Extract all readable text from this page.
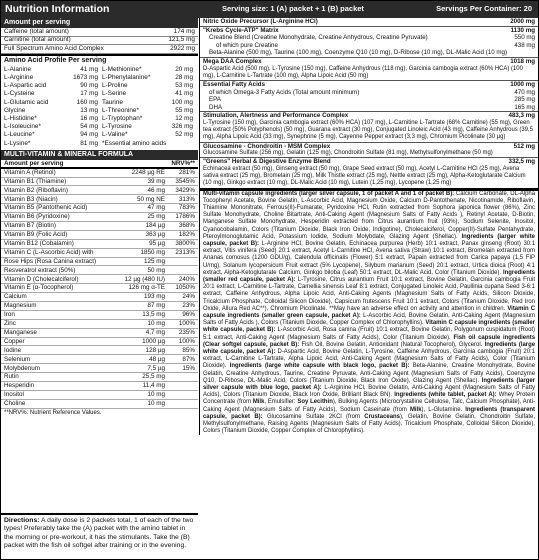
Nutrition Information	Serving size: 1 (A) packet + 1 (B) packet	Servings Per Container: 20
Amount per serving
Caffeine (total amount)	174 mg
Carnitine (total amount)	121,5 mg
Full Spectrum Amino Acid Complex	2922 mg
Amino Acid Profile Per serving
L-Alanine	41 mg L-Methionine*	20 mg
L-Arginine	1673 mg L-Phenylalanine*	28 mg
L-Aspartic acid	90 mg L-Proline	53 mg
L-Cysteine	17 mg L-Serine	41 mg
L-Glutamic acid	160 mg Taurine	100 mg
Glycine	13 mg L-Threonine*	55 mg
L-Histidine*	16 mg L-Tryptophan*	12 mg
L-Isoleucine*	54 mg L-Tyrosine	326 mg
L-Leucine*	94 mg L-Valine*	52 mg
L-Lysine*	81 mg *Essential amino acids
MULTI-VITAMIN & MINERAL FORMULA
Amount per serving	NRV%**
Vitamin A (Retinol)	2248 µg RE	281%
Vitamin B1 (Thiamine)	39 mg	3545%
Vitamin B2 (Riboflavin)	46 mg	3429%
Vitamin B3 (Niacin)	50 mg NE	313%
Vitamin B5 (Pantothenic Acid)	47 mg	783%
Vitamin B6 (Pyridoxine)	25 mg	1786%
Vitamin B7 (Biotin)	184 µg	368%
Vitamin B9 (Folic Acid)	363 µg	182%
Vitamin B12 (Cobalamin)	95 µg	3800%
Vitamin C (L-Ascorbic Acid) with	1850 mg	2313%
Rose Hips (Rosa Canina extract)	125 mg
Resveratrol extract (50%)	50 mg
Vitamin D (Cholecalciferol)	12 µg (480 IU)	240%
Vitamin E (α-Tocopherol)	126 mg α-TE	1050%
Calcium	193 mg	24%
Magnesium	87 mg	23%
Iron	13,5 mg	96%
Zinc	10 mg	100%
Manganese	4,7 mg	235%
Copper	1000 µg	100%
Iodine	128 µg	85%
Selenium	48 µg	87%
Molybdenum	7,5 µg	15%
Rutin	25,5 mg
Hesperidin	11,4 mg
Inositol	10 mg
Choline	10 mg
**NRV%: Nutrient Reference Values.
Directions: A daily dose is 2 packets total, 1 of each of the two types! Preferably take the (A) packet with the amino tablet in the morning or pre-workout, it has the stimulants. Take the (B) packet with the fish oil softgel after training or in the evening.
Nitric Oxide Precursor (L-Arginine HCl)	2000 mg
"Krebs Cycle-ATP" Matrix	1130 mg
Creatine Blend (Creatine Monohydrate, Creatine Anhydrous, Creatine Pyruvate)	550 mg
of which pure Creatine	438 mg
Beta-Alanine (500 mg), Taurine (100 mg), Coenzyme Q10 (10 mg), D-Ribose (10 mg), DL-Malic Acid (10 mg)
Mega DAA Complex	1018 mg
D-Aspartic Acid (500 mg), L-Tyrosine (150 mg), Caffeine Anhydrous (118 mg), Garcinia cambogia extract (60% HCA) (100 mg), L-Carnitine L-Tartrate (100 mg), Alpha Lipoic Acid (50 mg)
Essential Fatty Acids	1000 mg
of which Omega-3 Fatty Acids (Total amount minimum)	470 mg
EPA	285 mg
DHA	165 mg
Stimulation, Alertness and Performance Complex	483,3 mg
L-Tyrosine (150 mg), Garcinia cambogia extract (60% HCA) (107 mg), L-Carnitine L-Tartrate (68% Carnitine) (55 mg), Green tea extract (50% Polyphenols) (50 mg), Guarana extract (30 mg), Conjugated Linoleic Acid (43 mg), Caffeine Anhydrous (39,5 mg), Alpha Lipoic Acid (33 mg), Synephrine (5 mg), Cayenne Pepper extract (3,3 mg), Chromium Picolinate (30 µg)
Glucosamine - Chondroitin - MSM Complex	512 mg
Glucosamine Sulfate (256 mg), Gelatin (125 mg), Chondroitin Sulfate (81 mg), Methylsulfonylmethane (50 mg)
"Greens" Herbal & Digestive Enzyme Blend	332,5 mg
Echinacea extract (50 mg), Ginseng extract (50 mg), Grape Seed extract (50 mg), Acetyl L-Carnitine HCl (25 mg), Avena sativa extract (25 mg), Bromelain (25 mg), Milk Thistle extract (25 mg), Nettle extract (25 mg), Alpha-Ketoglutarate Calcium (10 mg), Ginkgo extract (10 mg), DL-Malic Acid (10 mg), Lutein (1,25 mg), Lycopene (1,25 mg)
Multi-vitamin capsule ingredients (larger silver capsule, 1 of packet A and 1 of packet B): Calcium Carbonate, DL-Alpha Tocopheryl Acetate, Bovine Gelatin, L-Ascorbic Acid, Magnesium Oxide, Calcium D-Pantothenate, Nicotinamide, Riboflavin, Thiamine Mononitrate, Ferrous(II)-Fumarate, Pyridoxine HCl, Rutin extracted from Sophora japonica flower (86%), Zinc Sulfate Monohydrate, Choline Bitartrate, Anti-Caking Agent (Magnesium Salts of Fatty Acids ), Retinyl Acetate, D-Biotin, Manganese Sulfate Monohydrate, Hesperidin extracted from Citrus aurantium fruit (93%), Sodium Selenite, Inositol, Cyanocobalamin, Colors (Titanium Dioxide, Black Iron Oxide, Indigotine), Cholecalciferol, Copper(II)-Sulfate Pentahydrate, Pteroylmonoglutamic Acid, Potassium Iodide, Sodium Molybdate, Glazing Agent (Shellac). Ingredients (larger white capsule, packet B): L-Arginine HCl, Bovine Gelatin, Echinacea purpurea (Herb) 10:1 extract, Panax ginseng (Root) 30:1 extract, Vitis vinifera (Seed) 20:1 extract, Acetyl L-Carnitine HCl, Avena sativa (Straw) 10:1 extract, Bromelain extracted from Ananas comosus (1200 GDU/g), Calendula officinalis (Flower) 5:1 extract, Papain extracted from Carica papaya (1,5 FIP U/mg), Solanum lycopersicum Fruit extract (5% Lycopene), Silybum marianum (Seed) 20:1 extract, Urtica dioica (Root) 4:1 extract, Alpha-Ketoglutarate Calcium, Ginkgo biloba (Leaf) 50:1 extract, DL-Malic Acid, Color (Titanium Dioxide). Ingredients (smaller red capsule, packet A): L-Tyrosine, Citrus aurantium Fruit 10:1 extract, Bovine Gelatin, Garcinia cambogia Fruit 20:1 extract, L-Carnitine L-Tartrate, Camellia sinensis Leaf 8:1 extract, Conjugated Linoleic Acid, Paullinia cupana Seed 3-6:1 extract, Caffeine Anhydrous, Alpha Lipoic Acid, Anti-Caking Agents (Magnesium Salts of Fatty Acids, Silicon Dioxide, Tricalcium Phosphate, Colloidal Silicon Dioxide), Capsicum frutescens Fruit 10:1 extract, Colors (Titanium Dioxide, Red Iron Oxide, Allura Red AC**), Chromium Picolinate. **May have an adverse effect on activity and attention in children. Vitamin C capsule ingredients (smaller green capsule, packet A): L-Ascorbic Acid, Bovine Gelatin, Anti-Caking Agent (Magnesium Salts of Fatty Acids ), Colors (Titanium Dioxide, Copper Complex of Chlorophyllins). Vitamin C capsule ingredients (smaller white capsule, packet B): L-Ascorbic Acid, Rosa canina (Fruit) 10:1 extract, Bovine Gelatin, Polygonum cuspidatum (Root) 5:1 extract, Anti-Caking Agent (Magnesium Salts of Fatty Acids), Color (Titanium Dioxide). Fish oil capsule ingredients (Clear softgel capsule, packet B): Fish Oil, Bovine Gelatin, Antioxidant (Natural Tocopherol), Glycerol. Ingredients (large white capsule, packet A): D-Aspartic Acid, Bovine Gelatin, L-Tyrosine, Caffeine Anhydrous, Garcinia cambogia (Fruit) 20:1 extract, L-Carnitine L-Tartrate, Alpha Lipoic Acid, Anti-Caking Agent (Magnesium Salts of Fatty Acids), Color (Titanium Dioxide). Ingredients (large white capsule with black logo, packet B): Beta-Alanine, Creatine Monohydrate, Bovine Gelatin, Creatine Anhydrous, Taurine, Creatine Pyruvate, Anti-Caking Agent (Magnesium Salts of Fatty Acids), Coenzyme Q10, D-Ribose, DL-Malic Acid, Colors (Titanium Dioxide, Black Iron Oxide), Glazing Agent (Shellac). Ingredients (larger silver capsule with blue logo, packet A): L-Arginine HCl, Bovine Gelatin, Anti-Caking Agent (Magnesium Salts of Fatty Acids), Colors (Titanium Dioxide, Black Iron Oxide, Brilliant Black BN). Ingredients (white tablet, packet A): Whey Protein Concentrate (from Milk, Emulsifier: Soy Lecithin), Bulking Agents (Microcrystalline Cellulose, Talc, Calcium Phosphate), Anti-Caking Agent (Magnesium Salts of Fatty Acids), Sodium Caseinate (from Milk), L-Glutamine. Ingredients (transparent capsule, packet B): Glucosamine Sulfate 2KCl (from Crustaceans), Gelatin, Bovine Gelatin, Chondroitin Sulfate, Methylsulfonylmethane, Raising Agents (Magnesium Salts of Fatty Acids), Tricalcium Phosphate, Colloidal Silicon Dioxide), Colors (Titanium Dioxide, Copper Complex of Chlorophyllins).
